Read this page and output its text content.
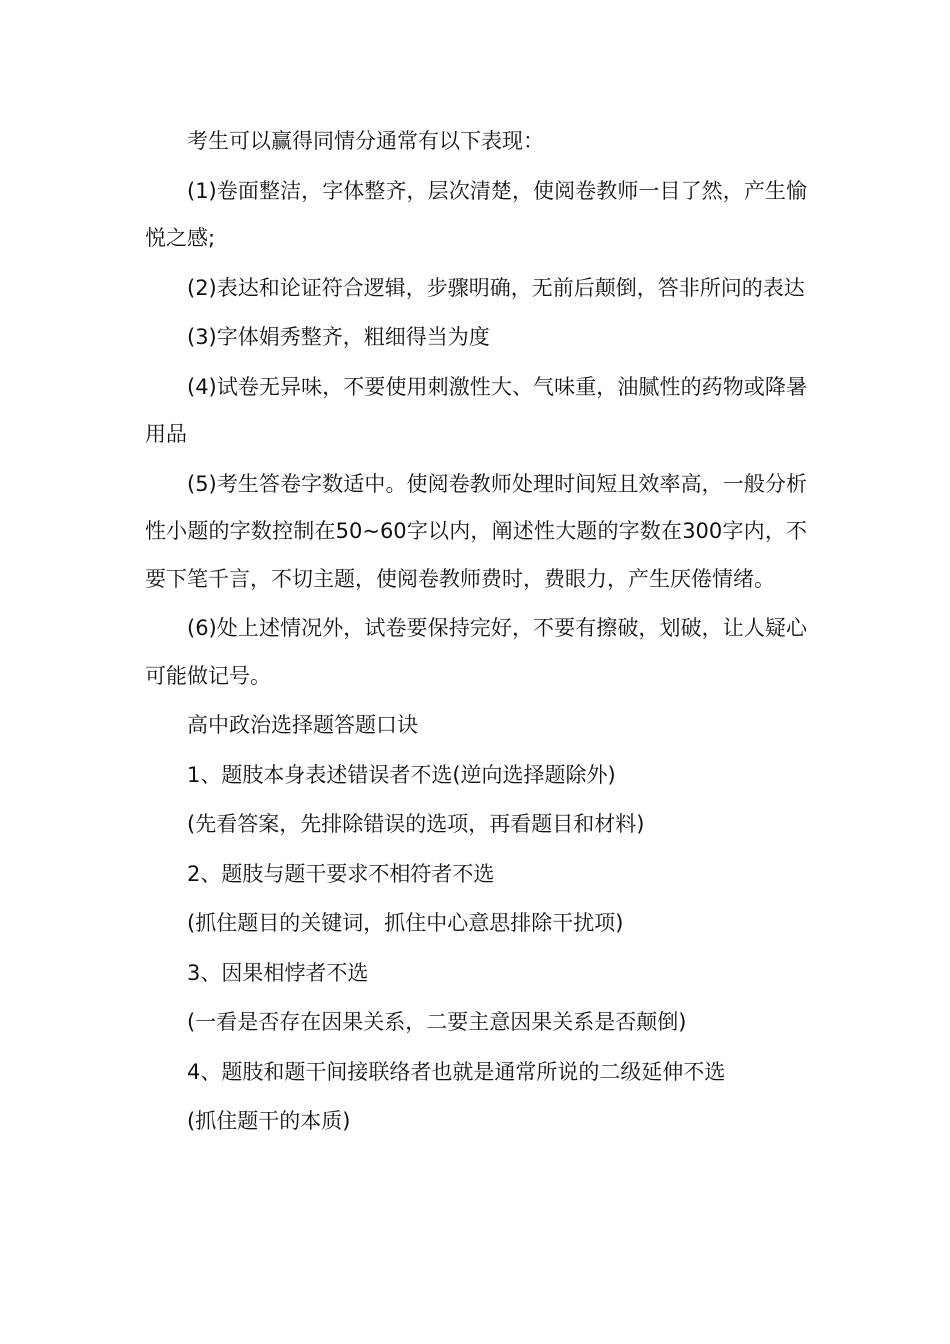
考生可以赢得同情分通常有以下表现：

(1)卷面整洁，字体整齐，层次清楚，使阅卷教师一目了然，产生愉悦之感;

(2)表达和论证符合逻辑，步骤明确，无前后颠倒，答非所问的表达

(3)字体娟秀整齐，粗细得当为度

(4)试卷无异味，不要使用刺激性大、气味重，油腻性的药物或降暑用品

(5)考生答卷字数适中。使阅卷教师处理时间短且效率高，一般分析性小题的字数控制在50~60字以内，阐述性大题的字数在300字内，不要下笔千言，不切主题，使阅卷教师费时，费眼力，产生厌倦情绪。

(6)处上述情况外，试卷要保持完好，不要有擦破，划破，让人疑心可能做记号。

高中政治选择题答题口诀

1、题肢本身表述错误者不选(逆向选择题除外)

(先看答案，先排除错误的选项，再看题目和材料)

2、题肢与题干要求不相符者不选

(抓住题目的关键词，抓住中心意思排除干扰项)

3、因果相悖者不选

(一看是否存在因果关系，二要主意因果关系是否颠倒)

4、题肢和题干间接联络者也就是通常所说的二级延伸不选

(抓住题干的本质)
